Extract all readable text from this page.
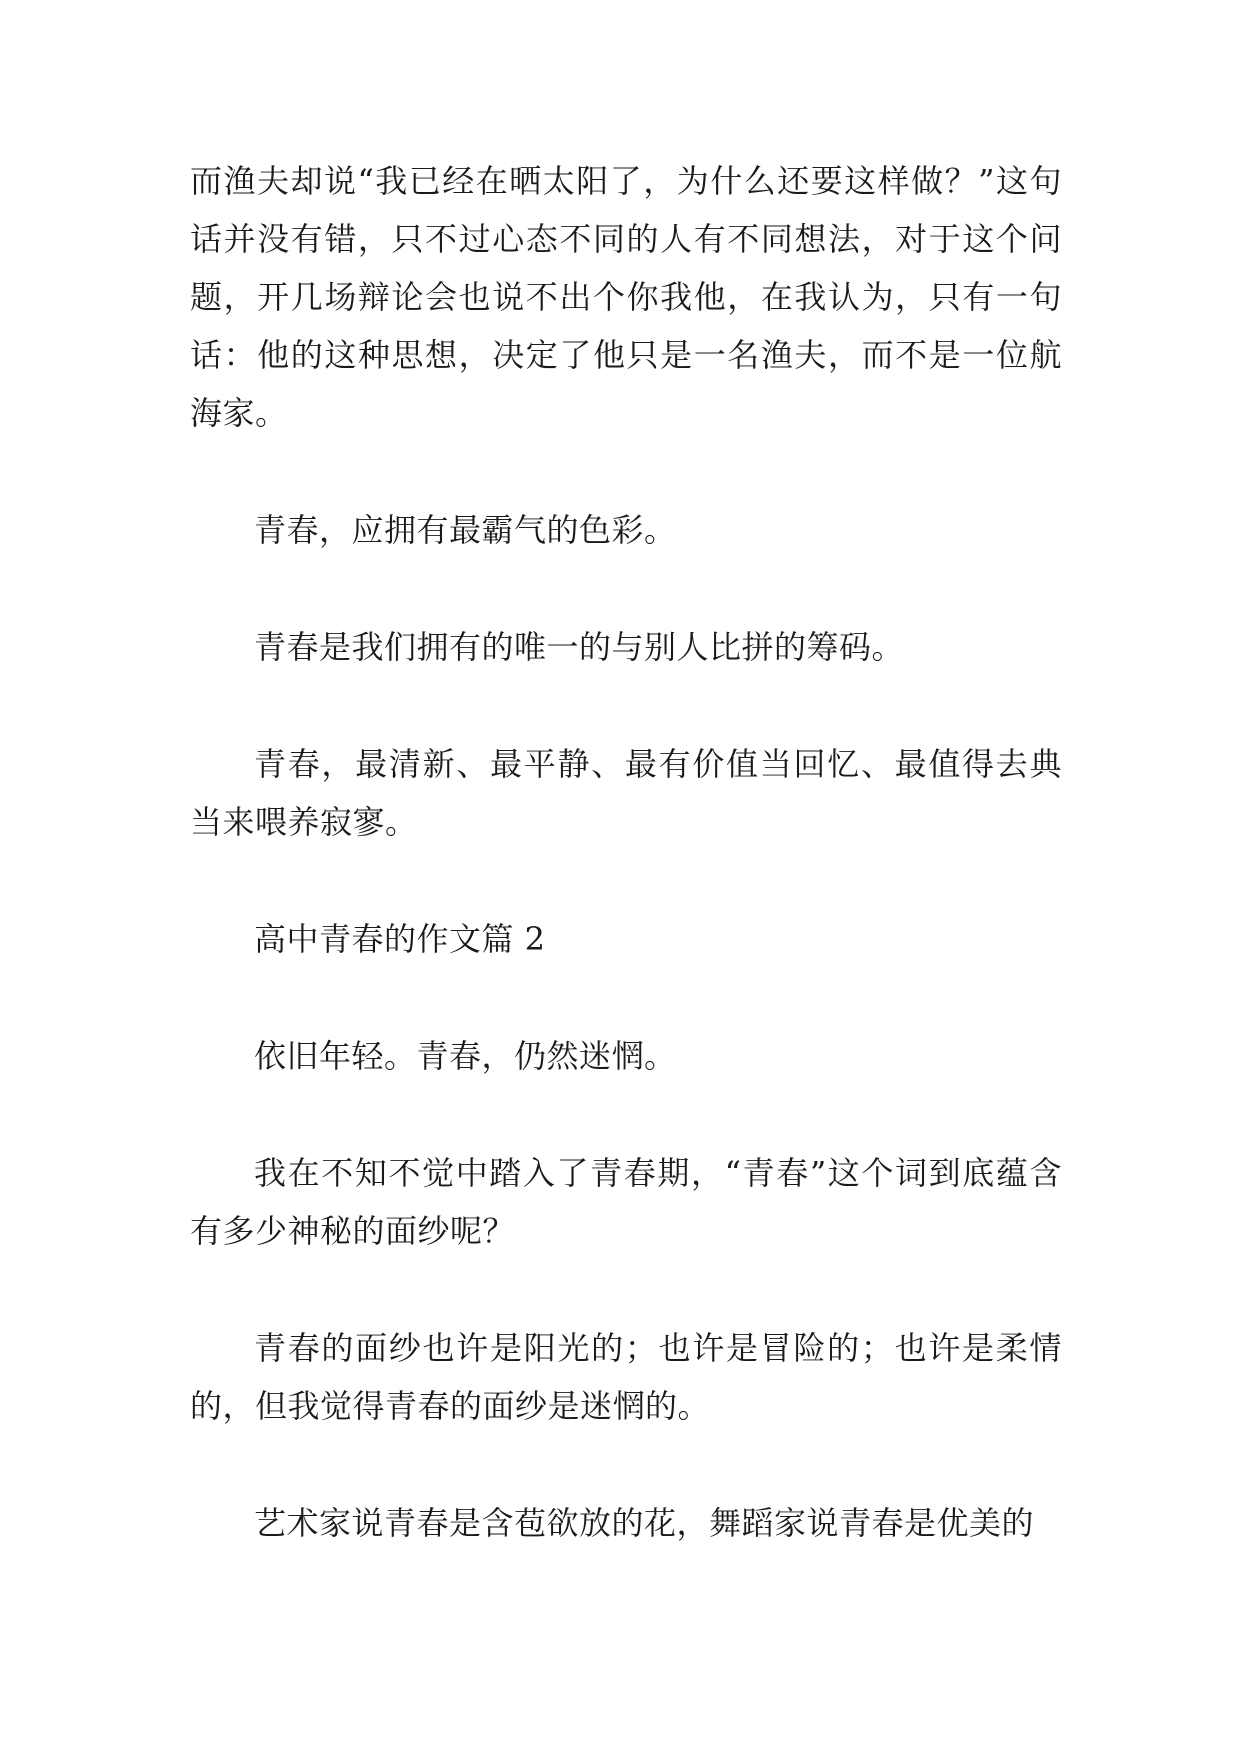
而渔夫却说“我已经在晒太阳了，为什么还要这样做？”这句话并没有错，只不过心态不同的人有不同想法，对于这个问题，开几场辩论会也说不出个你我他，在我认为，只有一句话：他的这种思想，决定了他只是一名渔夫，而不是一位航海家。

青春，应拥有最霸气的色彩。

青春是我们拥有的唯一的与别人比拼的筹码。

青春，最清新、最平静、最有价值当回忆、最值得去典当来喂养寂寥。

高中青春的作文篇 2

依旧年轻。青春，仍然迷惘。

我在不知不觉中踏入了青春期，“青春”这个词到底蕴含有多少神秘的面纱呢？

青春的面纱也许是阳光的；也许是冒险的；也许是柔情的，但我觉得青春的面纱是迷惘的。

艺术家说青春是含苞欲放的花，舞蹈家说青春是优美的
